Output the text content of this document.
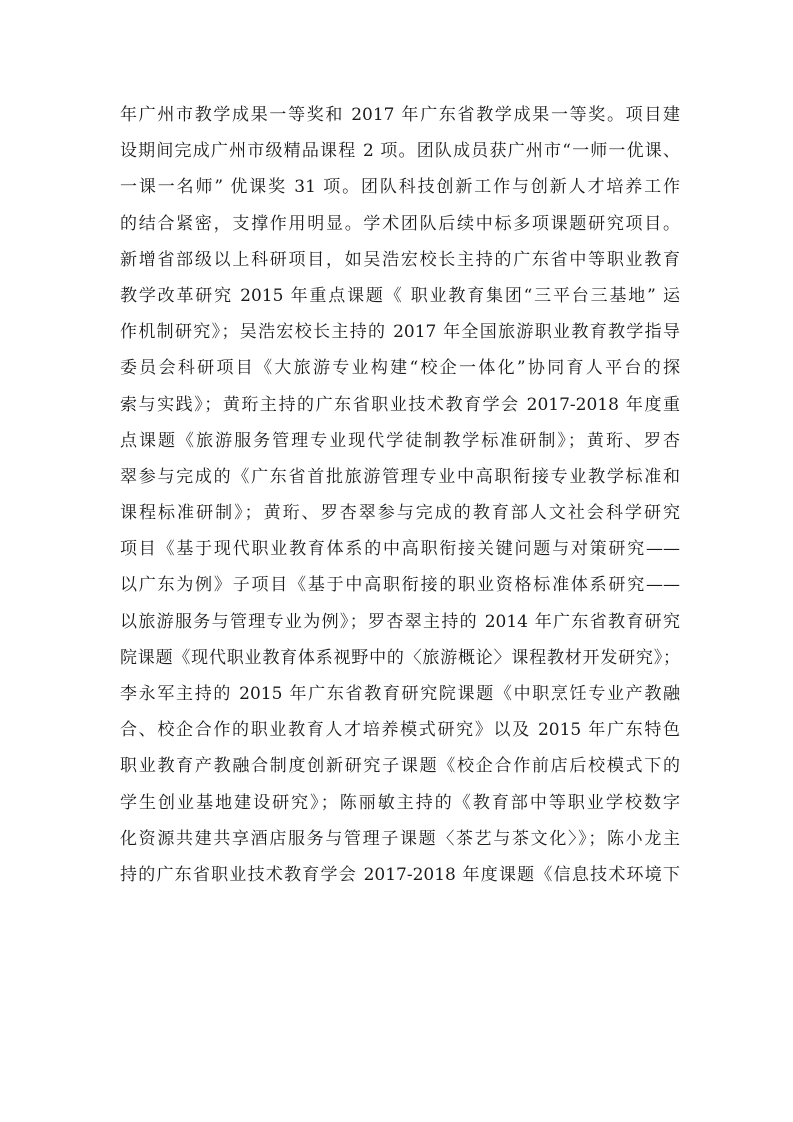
年广州市教学成果一等奖和 2017 年广东省教学成果一等奖。项目建
设期间完成广州市级精品课程 2 项。团队成员获广州市“一师一优课、
一课一名师” 优课奖 31 项。团队科技创新工作与创新人才培养工作
的结合紧密，支撑作用明显。学术团队后续中标多项课题研究项目。
新增省部级以上科研项目，如吴浩宏校长主持的广东省中等职业教育
教学改革研究 2015 年重点课题《 职业教育集团“三平台三基地” 运
作机制研究》；吴浩宏校长主持的 2017 年全国旅游职业教育教学指导
委员会科研项目《大旅游专业构建“校企一体化”协同育人平台的探
索与实践》；黄珩主持的广东省职业技术教育学会 2017-2018 年度重
点课题《旅游服务管理专业现代学徒制教学标准研制》；黄珩、罗杏
翠参与完成的《广东省首批旅游管理专业中高职衔接专业教学标准和
课程标准研制》；黄珩、罗杏翠参与完成的教育部人文社会科学研究
项目《基于现代职业教育体系的中高职衔接关键问题与对策研究——
以广东为例》子项目《基于中高职衔接的职业资格标准体系研究——
以旅游服务与管理专业为例》；罗杏翠主持的 2014 年广东省教育研究
院课题《现代职业教育体系视野中的〈旅游概论〉课程教材开发研究》；
李永军主持的 2015 年广东省教育研究院课题《中职烹饪专业产教融
合、校企合作的职业教育人才培养模式研究》以及 2015 年广东特色
职业教育产教融合制度创新研究子课题《校企合作前店后校模式下的
学生创业基地建设研究》；陈丽敏主持的《教育部中等职业学校数字
化资源共建共享酒店服务与管理子课题〈茶艺与茶文化〉》；陈小龙主
持的广东省职业技术教育学会 2017-2018 年度课题《信息技术环境下
